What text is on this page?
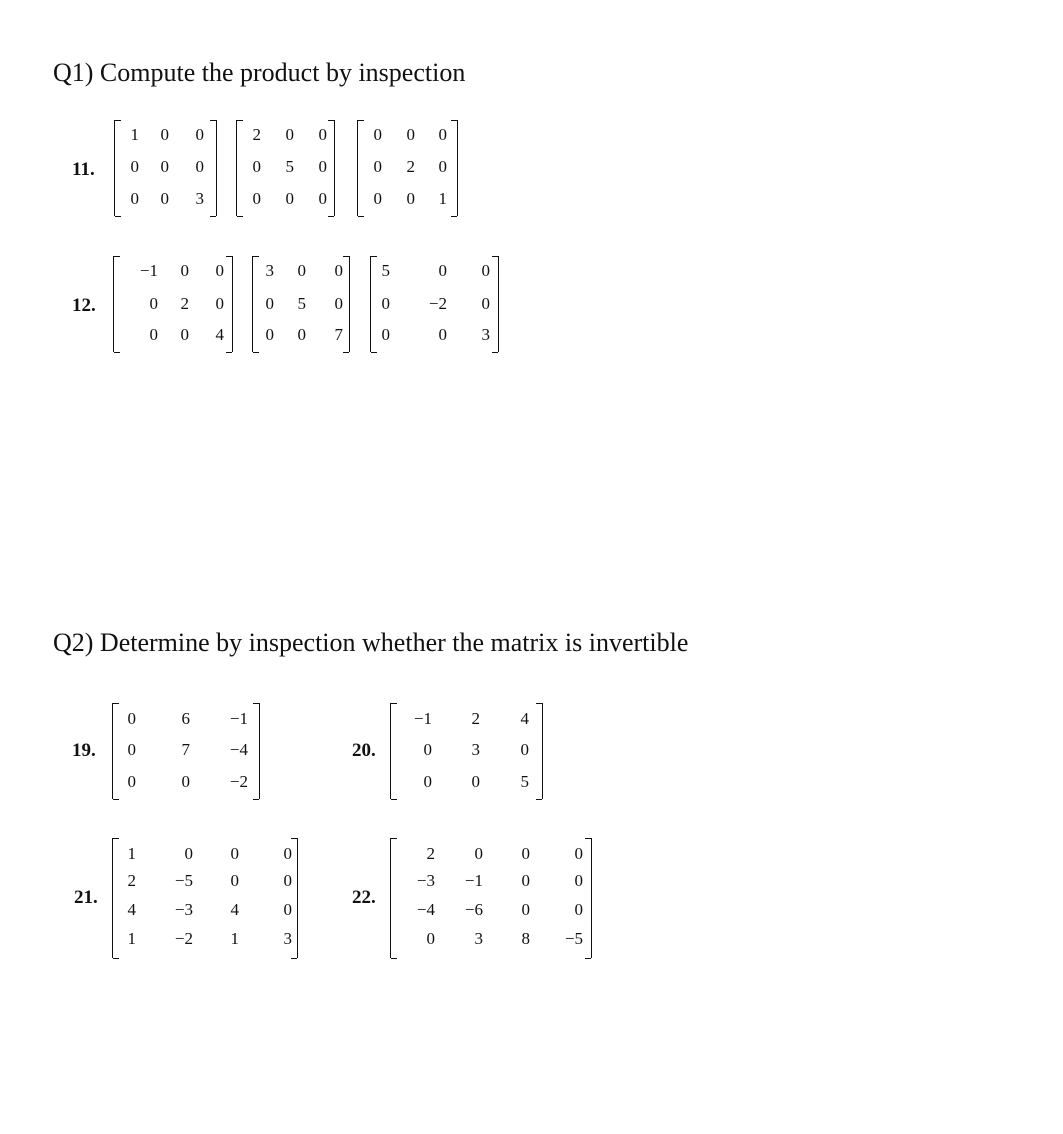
Q1) Compute the product by inspection
Q2) Determine by inspection whether the matrix is invertible
11.
1 0 0
0 0 0
0 0 3
2 0 0
0 5 0
0 0 0
0 0 0
0 2 0
0 0 1
12.
−1 0 0
0 2 0
0 0 4
3 0 0
0 5 0
0 0 7
5	0 0
0 −2 0
0	0 3
19.
0	6 −1
0	7 −4
0	0 −2
20.
−1 2 4
0 3 0
0 0 5
21.
1	0 0	0
2 −5 0	0
4 −3 4	0
1 −2 1	3
22.
2 0 0	0
−3 −1 0	0
−4 −6 0	0
0 3 8 −5
